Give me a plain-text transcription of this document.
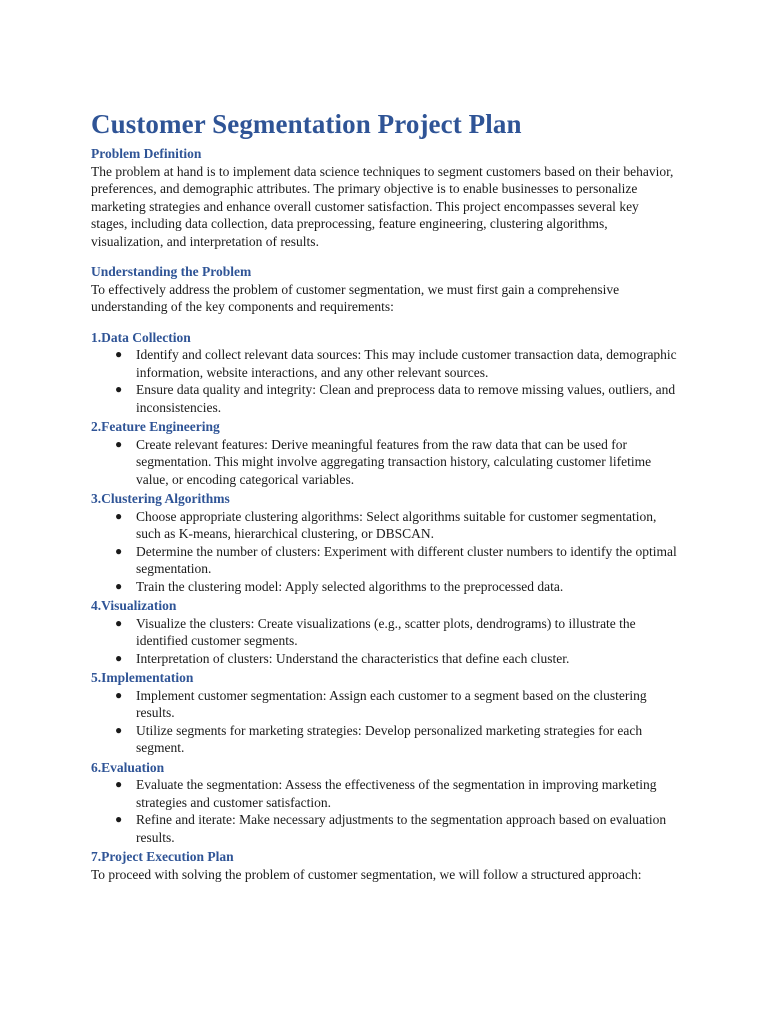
Customer Segmentation Project Plan
Problem Definition

The problem at hand is to implement data science techniques to segment customers based on their behavior, preferences, and demographic attributes. The primary objective is to enable businesses to personalize marketing strategies and enhance overall customer satisfaction. This project encompasses several key stages, including data collection, data preprocessing, feature engineering, clustering algorithms, visualization, and interpretation of results.

Understanding the Problem

To effectively address the problem of customer segmentation, we must first gain a comprehensive understanding of the key components and requirements:

1.Data Collection
● Identify and collect relevant data sources: This may include customer transaction data, demographic information, website interactions, and any other relevant sources.
● Ensure data quality and integrity: Clean and preprocess data to remove missing values, outliers, and inconsistencies.
2.Feature Engineering
● Create relevant features: Derive meaningful features from the raw data that can be used for segmentation. This might involve aggregating transaction history, calculating customer lifetime value, or encoding categorical variables.
3.Clustering Algorithms
● Choose appropriate clustering algorithms: Select algorithms suitable for customer segmentation, such as K-means, hierarchical clustering, or DBSCAN.
● Determine the number of clusters: Experiment with different cluster numbers to identify the optimal segmentation.
● Train the clustering model: Apply selected algorithms to the preprocessed data.
4.Visualization
● Visualize the clusters: Create visualizations (e.g., scatter plots, dendrograms) to illustrate the identified customer segments.
● Interpretation of clusters: Understand the characteristics that define each cluster.
5.Implementation
● Implement customer segmentation: Assign each customer to a segment based on the clustering results.
● Utilize segments for marketing strategies: Develop personalized marketing strategies for each segment.
6.Evaluation
● Evaluate the segmentation: Assess the effectiveness of the segmentation in improving marketing strategies and customer satisfaction.
● Refine and iterate: Make necessary adjustments to the segmentation approach based on evaluation results.
7.Project Execution Plan

To proceed with solving the problem of customer segmentation, we will follow a structured approach:
